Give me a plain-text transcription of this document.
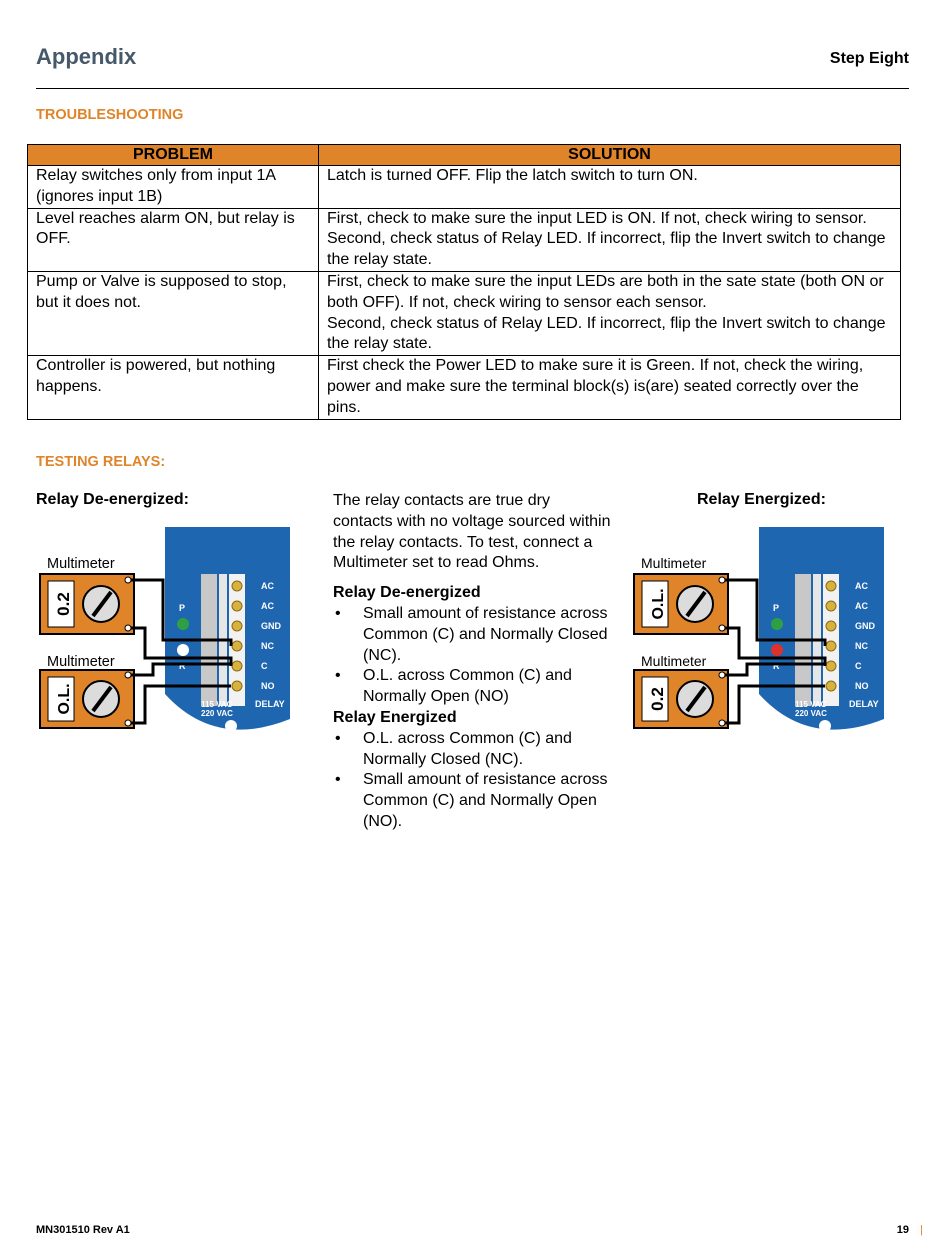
Appendix	Step Eight
TROUBLESHOOTING
PROBLEM	SOLUTION
Relay switches only from input 1A (ignores input 1B)	Latch is turned OFF. Flip the latch switch to turn ON.

Level reaches alarm ON, but relay is OFF.	First, check to make sure the input LED is ON. If not, check wiring to sensor.
Second, check status of Relay LED. If incorrect, flip the Invert switch to change the relay state.

Pump or Valve is supposed to stop, but it does not.	First, check to make sure the input LEDs are both in the sate state (both ON or both OFF). If not, check wiring to sensor each sensor.
Second, check status of Relay LED. If incorrect, flip the Invert switch to change the relay state.

Controller is powered, but nothing happens.	First check the Power LED to make sure it is Green. If not, check the wiring, power and make sure the terminal block(s) is(are) seated correctly over the pins.
TESTING RELAYS:
Relay De-energized:	Relay Energized:

The relay contacts are true dry contacts with no voltage sourced within the relay contacts. To test, connect a Multimeter set to read Ohms.

Relay De-energized
• Small amount of resistance across Common (C) and Normally Closed (NC).
• O.L. across Common (C) and Normally Open (NO)
Relay Energized
• O.L. across Common (C) and Normally Closed (NC).
• Small amount of resistance across Common (C) and Normally Open (NO).
AC
AC
GND
NC
C
NO
P
R
115 VAC
220 VAC
DELAY
Multimeter
Multimeter
0.2
O.L.
AC
AC
GND
NC
C
NO
P
R
115 VAC
220 VAC
DELAY
Multimeter
Multimeter
O.L.
0.2
MN301510 Rev A1	19 |
